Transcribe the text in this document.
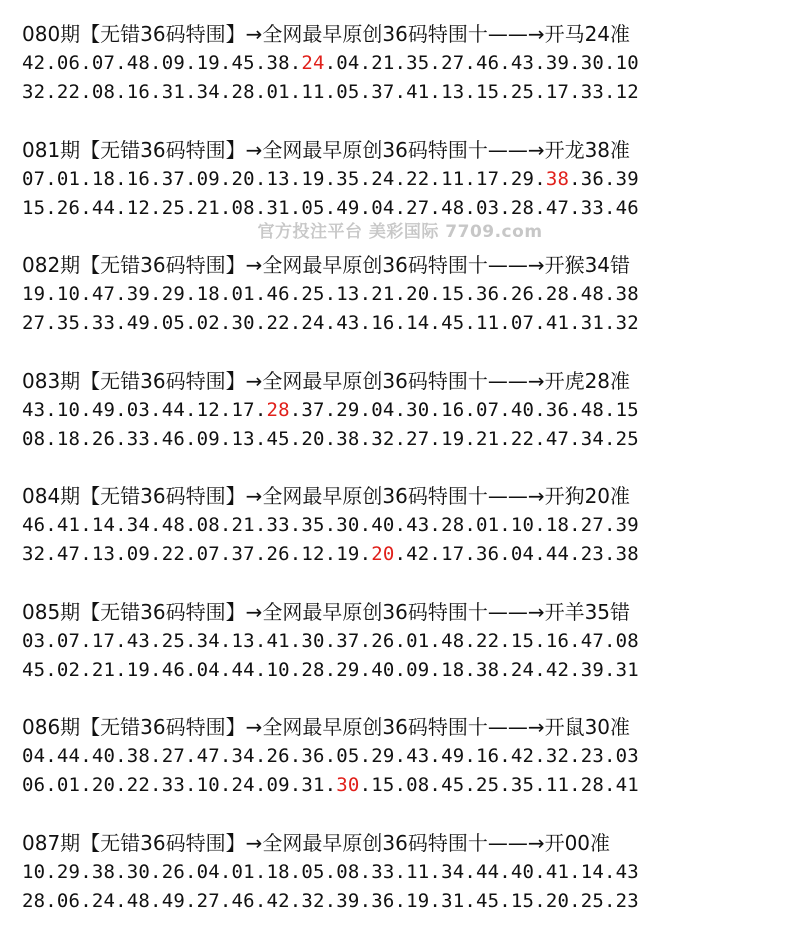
080期【无错36码特围】→全网最早原创36码特围十——→开马24准
42.06.07.48.09.19.45.38.24.04.21.35.27.46.43.39.30.10
32.22.08.16.31.34.28.01.11.05.37.41.13.15.25.17.33.12
081期【无错36码特围】→全网最早原创36码特围十——→开龙38准
07.01.18.16.37.09.20.13.19.35.24.22.11.17.29.38.36.39
15.26.44.12.25.21.08.31.05.49.04.27.48.03.28.47.33.46
082期【无错36码特围】→全网最早原创36码特围十——→开猴34错
19.10.47.39.29.18.01.46.25.13.21.20.15.36.26.28.48.38
27.35.33.49.05.02.30.22.24.43.16.14.45.11.07.41.31.32
083期【无错36码特围】→全网最早原创36码特围十——→开虎28准
43.10.49.03.44.12.17.28.37.29.04.30.16.07.40.36.48.15
08.18.26.33.46.09.13.45.20.38.32.27.19.21.22.47.34.25
084期【无错36码特围】→全网最早原创36码特围十——→开狗20准
46.41.14.34.48.08.21.33.35.30.40.43.28.01.10.18.27.39
32.47.13.09.22.07.37.26.12.19.20.42.17.36.04.44.23.38
085期【无错36码特围】→全网最早原创36码特围十——→开羊35错
03.07.17.43.25.34.13.41.30.37.26.01.48.22.15.16.47.08
45.02.21.19.46.04.44.10.28.29.40.09.18.38.24.42.39.31
086期【无错36码特围】→全网最早原创36码特围十——→开鼠30准
04.44.40.38.27.47.34.26.36.05.29.43.49.16.42.32.23.03
06.01.20.22.33.10.24.09.31.30.15.08.45.25.35.11.28.41
087期【无错36码特围】→全网最早原创36码特围十——→开00准
10.29.38.30.26.04.01.18.05.08.33.11.34.44.40.41.14.43
28.06.24.48.49.27.46.42.32.39.36.19.31.45.15.20.25.23
官方投注平台 美彩国际 7709.com
